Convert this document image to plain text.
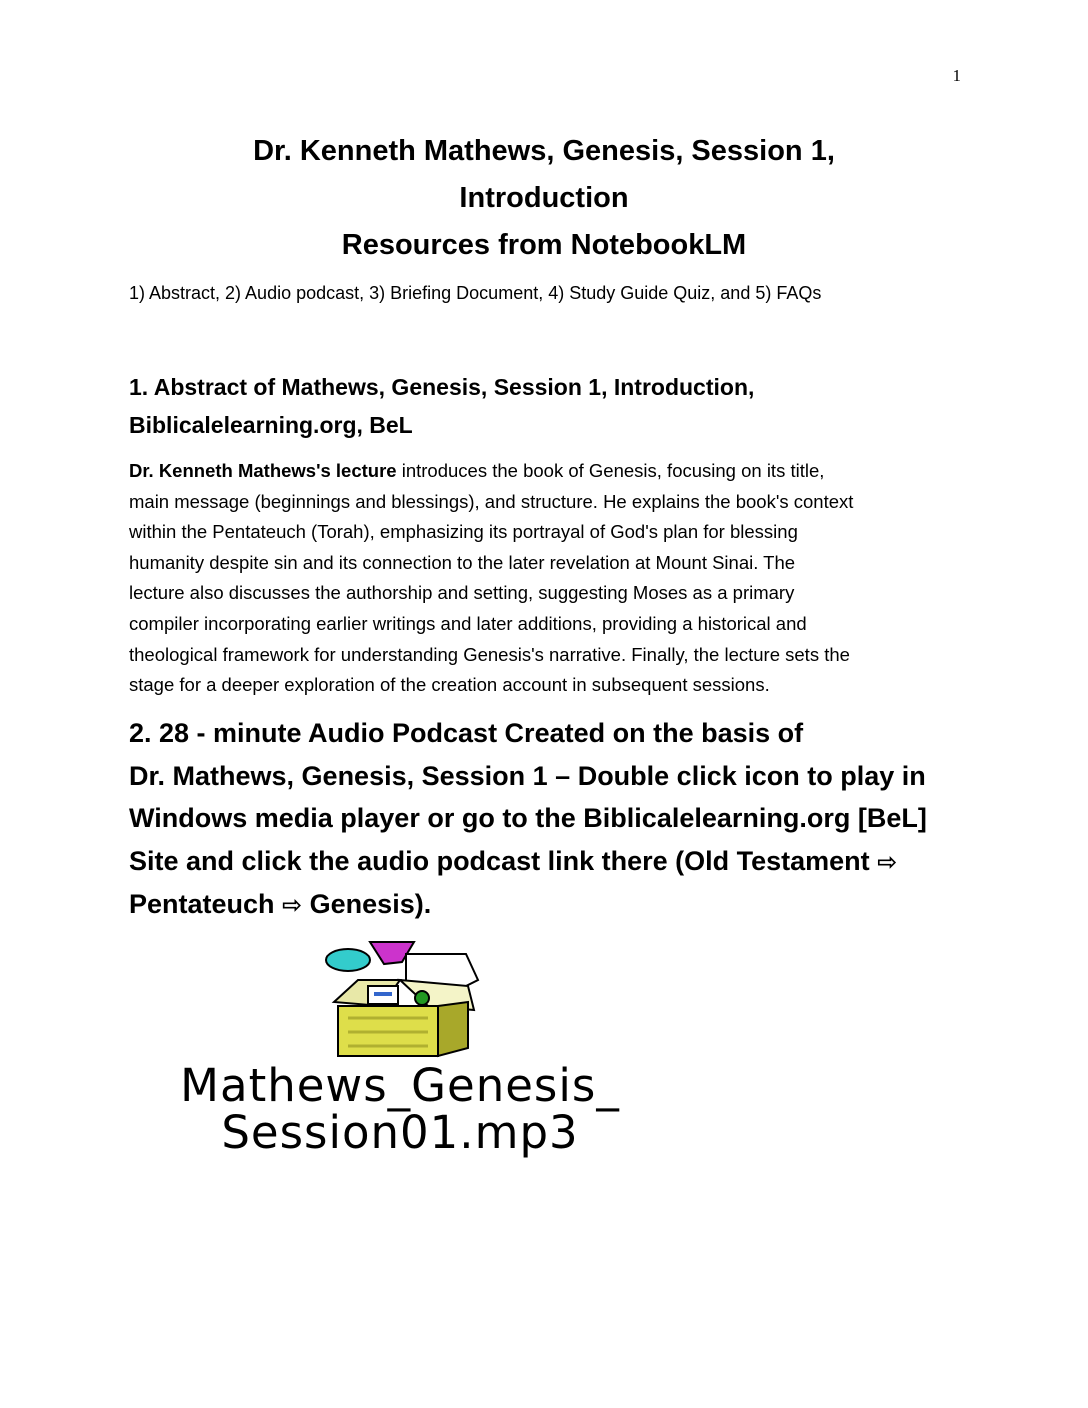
1
Dr. Kenneth Mathews, Genesis, Session 1,
Introduction
Resources from NotebookLM
1) Abstract, 2) Audio podcast, 3) Briefing Document, 4) Study Guide Quiz, and 5) FAQs
1. Abstract of Mathews, Genesis, Session 1, Introduction,
Biblicalelearning.org, BeL
Dr. Kenneth Mathews's lecture introduces the book of Genesis, focusing on its title,
main message (beginnings and blessings), and structure. He explains the book's context
within the Pentateuch (Torah), emphasizing its portrayal of God's plan for blessing
humanity despite sin and its connection to the later revelation at Mount Sinai. The
lecture also discusses the authorship and setting, suggesting Moses as a primary
compiler incorporating earlier writings and later additions, providing a historical and
theological framework for understanding Genesis's narrative. Finally, the lecture sets the
stage for a deeper exploration of the creation account in subsequent sessions.
2. 28 - minute Audio Podcast Created on the basis of
Dr. Mathews, Genesis, Session 1 – Double click icon to play in
Windows media player or go to the Biblicalelearning.org [BeL]
Site and click the audio podcast link there (Old Testament ⇨
Pentateuch ⇨ Genesis).
Mathews_Genesis_
Session01.mp3
